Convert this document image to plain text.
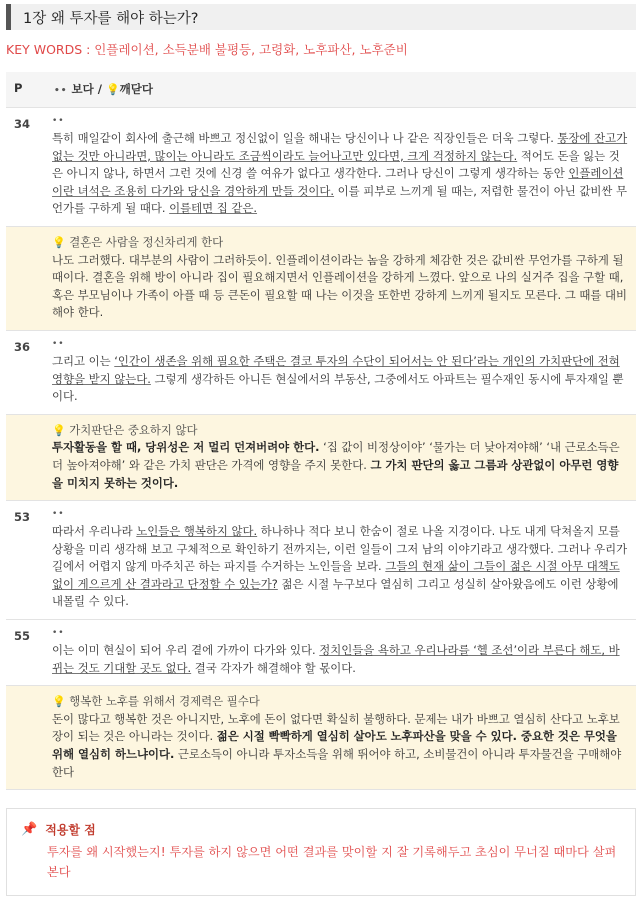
1장 왜 투자를 해야 하는가?
KEY WORDS : 인플레이션, 소득분배 불평등, 고령화, 노후파산, 노후준비
P	•• 보다 / 💡깨닫다
34	••
특히 매일같이 회사에 출근해 바쁘고 정신없이 일을 해내는 당신이나 나 같은 직장인들은 더욱 그렇다. 통장에 잔고가 없는 것만 아니라면, 많이는 아니라도 조금씩이라도 늘어나고만 있다면, 크게 걱정하지 않는다. 적어도 돈을 잃는 것은 아니지 않나, 하면서 그런 것에 신경 쓸 여유가 없다고 생각한다. 그러나 당신이 그렇게 생각하는 동안 인플레이션이란 녀석은 조용히 다가와 당신을 경악하게 만들 것이다. 이를 피부로 느끼게 될 때는, 저렴한 물건이 아닌 값비싼 무언가를 구하게 될 때다. 이를테면 집 같은.

	💡 결혼은 사람을 정신차리게 한다
나도 그러했다. 대부분의 사람이 그러하듯이. 인플레이션이라는 놈을 강하게 체감한 것은 값비싼 무언가를 구하게 될 때이다. 결혼을 위해 방이 아니라 집이 필요해지면서 인플레이션을 강하게 느꼈다. 앞으로 나의 실거주 집을 구할 때, 혹은 부모님이나 가족이 아플 때 등 큰돈이 필요할 때 나는 이것을 또한번 강하게 느끼게 될지도 모른다. 그 때를 대비해야 한다.
36	••
그리고 이는 ‘인간이 생존을 위해 필요한 주택은 결코 투자의 수단이 되어서는 안 된다’라는 개인의 가치판단에 전혀 영향을 받지 않는다. 그렇게 생각하든 아니든 현실에서의 부동산, 그중에서도 아파트는 필수재인 동시에 투자재일 뿐이다.

	💡 가치판단은 중요하지 않다
투자활동을 할 때, 당위성은 저 멀리 던져버려야 한다. ‘집 값이 비정상이야’ ‘물가는 더 낮아져야해’ ‘내 근로소득은 더 높아져야해’ 와 같은 가치 판단은 가격에 영향을 주지 못한다. 그 가치 판단의 옳고 그름과 상관없이 아무런 영향을 미치지 못하는 것이다.
53	••
따라서 우리나라 노인들은 행복하지 않다. 하나하나 적다 보니 한숨이 절로 나올 지경이다. 나도 내게 닥쳐올지 모를 상황을 미리 생각해 보고 구체적으로 확인하기 전까지는, 이런 일들이 그저 남의 이야기라고 생각했다. 그러나 우리가 길에서 어렵지 않게 마주치곤 하는 파지를 수거하는 노인들을 보라. 그들의 현재 삶이 그들이 젊은 시절 아무 대책도 없이 게으르게 산 결과라고 단정할 수 있는가? 젊은 시절 누구보다 열심히 그리고 성실히 살아왔음에도 이런 상황에 내몰릴 수 있다.
55	••
이는 이미 현실이 되어 우리 곁에 가까이 다가와 있다. 정치인들을 욕하고 우리나라를 ‘헬 조선’이라 부른다 해도, 바뀌는 것도 기대할 곳도 없다. 결국 각자가 해결해야 할 몫이다.

	💡 행복한 노후를 위해서 경제력은 필수다
돈이 많다고 행복한 것은 아니지만, 노후에 돈이 없다면 확실히 불행하다. 문제는 내가 바쁘고 열심히 산다고 노후보장이 되는 것은 아니라는 것이다. 젊은 시절 빡빡하게 열심히 살아도 노후파산을 맞을 수 있다. 중요한 것은 무엇을 위해 열심히 하느냐이다. 근로소득이 아니라 투자소득을 위해 뛰어야 하고, 소비물건이 아니라 투자물건을 구매해야 한다
📌 적용할 점
투자를 왜 시작했는지! 투자를 하지 않으면 어떤 결과를 맞이할 지 잘 기록해두고 초심이 무너질 때마다 살펴본다
